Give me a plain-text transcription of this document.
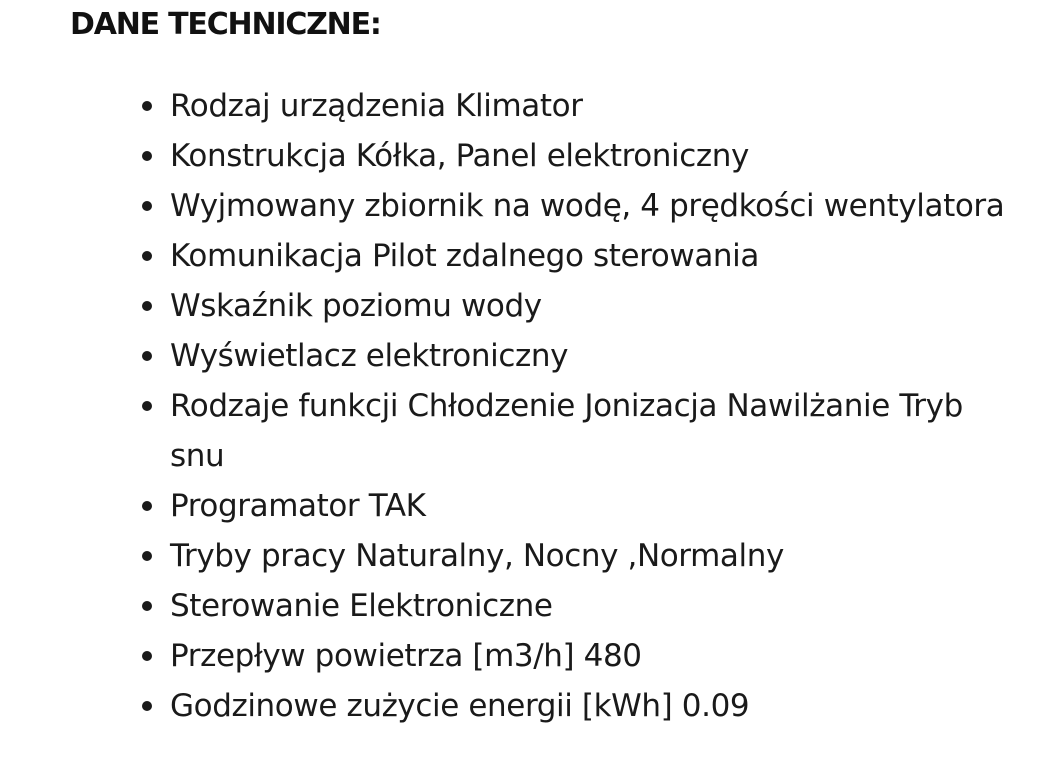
DANE TECHNICZNE:
Rodzaj urządzenia Klimator
Konstrukcja Kółka, Panel elektroniczny
Wyjmowany zbiornik na wodę, 4 prędkości wentylatora
Komunikacja Pilot zdalnego sterowania
Wskaźnik poziomu wody
Wyświetlacz elektroniczny
Rodzaje funkcji Chłodzenie Jonizacja Nawilżanie Tryb snu
Programator TAK
Tryby pracy Naturalny, Nocny ,Normalny
Sterowanie Elektroniczne
Przepływ powietrza [m3/h] 480
Godzinowe zużycie energii [kWh] 0.09
